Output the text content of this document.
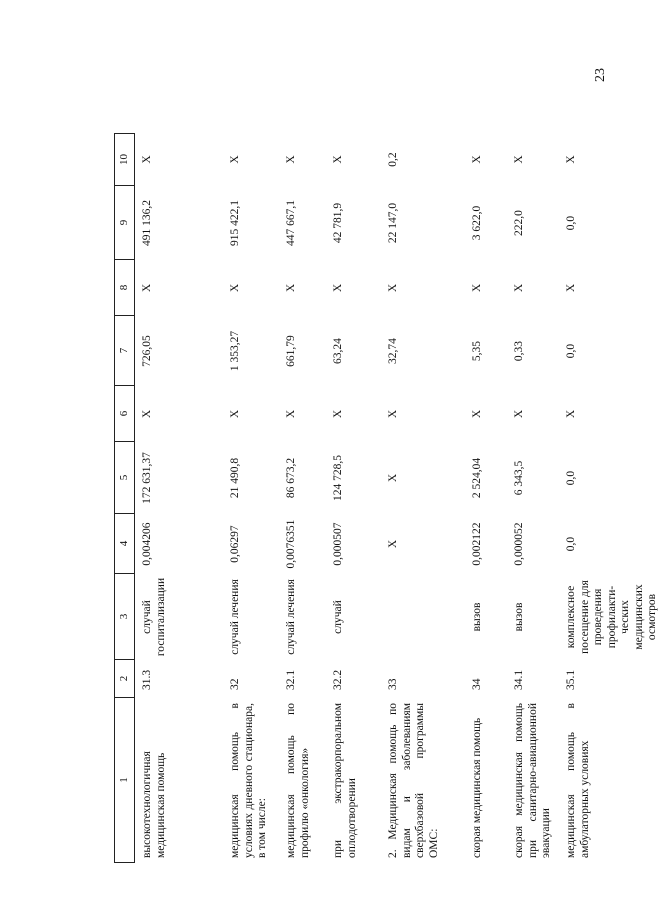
23
1
2
3
4
5
6
7
8
9
10
высокотехнологичная медицинская помощь
31.3
случай госпитализации
0,004206
172 631,37
X
726,05
X
491 136,2
X
медицинская помощь в условиях дневного стационара, в том числе:
32
случай лечения
0,06297
21 490,8
X
1 353,27
X
915 422,1
X
медицинская помощь по профилю «онкология»
32.1
случай лечения
0,0076351
86 673,2
X
661,79
X
447 667,1
X
при экстракорпоральном оплодотворении
32.2
случай
0,000507
124 728,5
X
63,24
X
42 781,9
X
2. Медицинская помощь по видам и заболеваниям сверхбазовой программы ОМС:
33
X
X
X
32,74
X
22 147,0
0,2
скорая медицинская помощь
34
вызов
0,002122
2 524,04
X
5,35
X
3 622,0
X
скорая медицинская помощь при санитарно-авиационной эвакуации
34.1
вызов
0,000052
6 343,5
X
0,33
X
222,0
X
медицинская помощь в амбулаторных условиях
35.1
комплексное посещение для проведения профилакти-ческих медицинских осмотров
0,0
0,0
X
0,0
X
0,0
X
